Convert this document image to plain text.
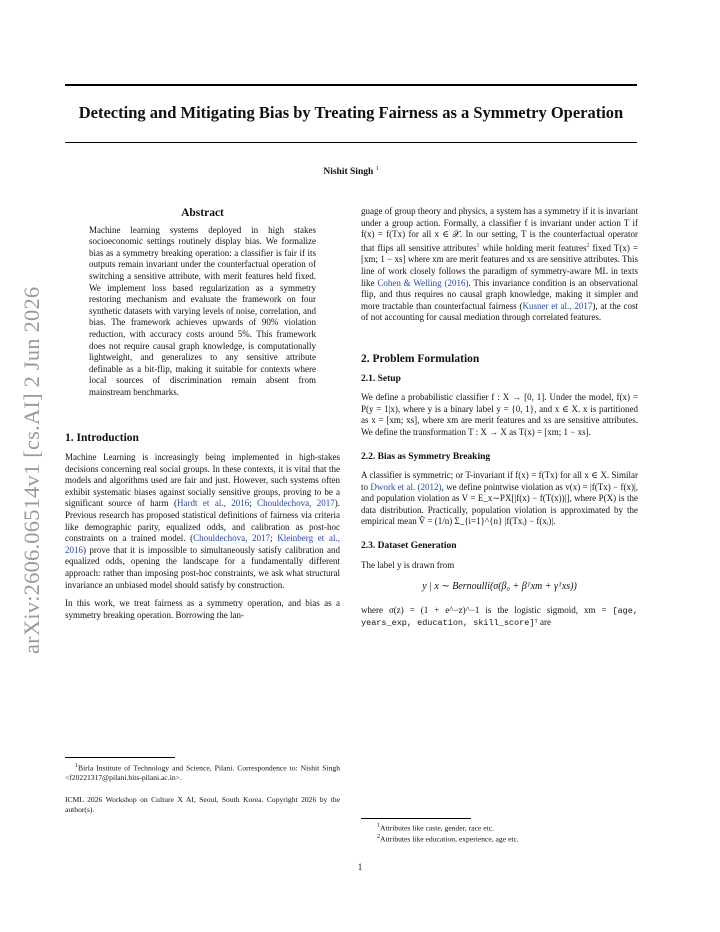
Detecting and Mitigating Bias by Treating Fairness as a Symmetry Operation
Nishit Singh $^1$
arXiv:2606.06514v1 [cs.AI] 2 Jun 2026
Abstract

Machine learning systems deployed in high stakes socioeconomic settings routinely display bias. We formalize bias as a symmetry breaking operation: a classifier is fair if its outputs remain invariant under the counterfactual operation of switching a sensitive attribute, with merit features held fixed. We implement loss based regularization as a symmetry restoring mechanism and evaluate the framework on four synthetic datasets with varying levels of noise, correlation, and bias. The framework achieves upwards of 90% violation reduction, with accuracy costs around 5%. This framework does not require causal graph knowledge, is computationally lightweight, and generalizes to any sensitive attribute definable as a bit-flip, making it suitable for contexts where local sources of discrimination remain absent from mainstream benchmarks.

1. Introduction

Machine Learning is increasingly being implemented in high-stakes decisions concerning real social groups. In these contexts, it is vital that the models and algorithms used are fair and just. However, such systems often exhibit systematic biases against socially sensitive groups, proving to be a significant source of harm (Hardt et al., 2016; Chouldechova, 2017). Previous research has proposed statistical definitions of fairness via criteria like demographic parity, equalized odds, and calibration as post-hoc constraints on a trained model. (Chouldechova, 2017; Kleinberg et al., 2016) prove that it is impossible to simultaneously satisfy calibration and equalized odds, opening the landscape for a fundamentally different approach: rather than imposing post-hoc constraints, we ask what structural invariance an unbiased model should satisfy by construction.

In this work, we treat fairness as a symmetry operation, and bias as a symmetry breaking operation. Borrowing the lan-

$^1$Birla Institute of Technology and Science, Pilani. Correspondence to: Nishit Singh <f20221317@pilani.bits-pilani.ac.in>.
ICML 2026 Workshop on Culture X AI, Seoul, South Korea. Copyright 2026 by the author(s).

guage of group theory and physics, a system has a symmetry if it is invariant under a group action. Formally, a classifier f is invariant under action T if f(x) = f(Tx) for all x ∈ 𝒳. In our setting, T is the counterfactual operator that flips all sensitive attributes$^1$ while holding merit features$^2$ fixed T(x) = [xm; 1 − xs] where xm are merit features and xs are sensitive attributes. This line of work closely follows the paradigm of symmetry-aware ML in texts like Cohen & Welling (2016). This invariance condition is an observational flip, and thus requires no causal graph knowledge, making it simpler and more tractable than counterfactual fairness (Kusner et al., 2017), at the cost of not accounting for causal mediation through correlated features.

2. Problem Formulation
2.1. Setup

We define a probabilistic classifier f : X → [0, 1]. Under the model, f(x) = P(y = 1|x), where y is a binary label y = {0, 1}, and x ∈ X. x is partitioned as x = [xm; xs], where xm are merit features and xs are sensitive attributes. We define the transformation T : X → X as T(x) = [xm; 1 − xs].

2.2. Bias as Symmetry Breaking

A classifier is symmetric; or T-invariant if f(x) = f(Tx) for all x ∈ X. Similar to Dwork et al. (2012), we define pointwise violation as v(x) = |f(Tx) − f(x)|, and population violation as V = E_x∼PX[|f(x) − f(T(x))|], where P(X) is the data distribution. Practically, population violation is approximated by the empirical mean V̂ = (1/n) Σ_{i=1}^{n} |f(Txᵢ) − f(xᵢ)|.

2.3. Dataset Generation

The label y is drawn from

y | x ∼ Bernoulli(σ(β₀ + βᵀxm + γᵀxs))

where σ(z) = (1 + e^−z)^−1 is the logistic sigmoid, xm = [age, years_exp, education, skill_score]ᵀ are

$^1$Attributes like caste, gender, race etc.
$^2$Attributes like education, experience, age etc.
1
